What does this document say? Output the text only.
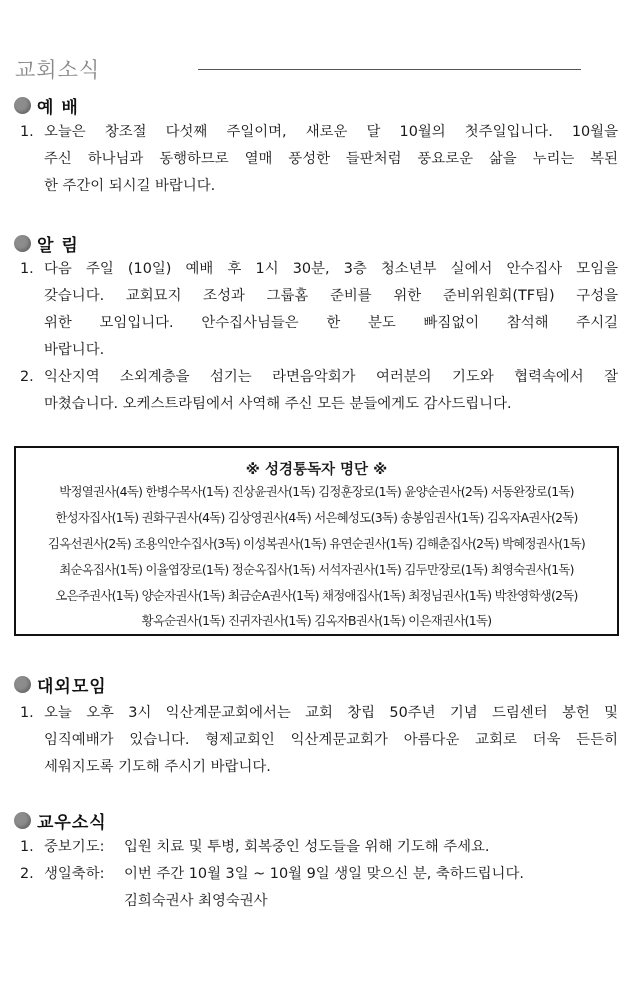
교회소식
예 배
1. 오늘은 창조절 다섯째 주일이며, 새로운 달 10월의 첫주일입니다. 10월을
주신 하나님과 동행하므로 열매 풍성한 들판처럼 풍요로운 삶을 누리는 복된
한 주간이 되시길 바랍니다.
알 림
1. 다음 주일 (10일) 예배 후 1시 30분, 3층 청소년부 실에서 안수집사 모임을
갖습니다. 교회묘지 조성과 그룹홈 준비를 위한 준비위원회(TF팀) 구성을
위한 모임입니다. 안수집사님들은 한 분도 빠짐없이 참석해 주시길
바랍니다.
2. 익산지역 소외계층을 섬기는 라면음악회가 여러분의 기도와 협력속에서 잘
마쳤습니다. 오케스트라팀에서 사역해 주신 모든 분들에게도 감사드립니다.
※ 성경통독자 명단 ※
박정열권사(4독) 한병수목사(1독) 진상윤권사(1독) 김정훈장로(1독) 윤양순권사(2독) 서동완장로(1독)
한성자집사(1독) 권화구권사(4독) 김상영권사(4독) 서은혜성도(3독) 송봉임권사(1독) 김옥자A권사(2독)
김옥선권사(2독) 조용익안수집사(3독) 이성복권사(1독) 유연순권사(1독) 김해춘집사(2독) 박혜정권사(1독)
최순옥집사(1독) 이율엽장로(1독) 정순옥집사(1독) 서석자권사(1독) 김두만장로(1독) 최영숙권사(1독)
오은주권사(1독) 양순자권사(1독) 최금순A권사(1독) 채정애집사(1독) 최정님권사(1독) 박찬영학생(2독)
황옥순권사(1독) 진귀자권사(1독) 김옥자B권사(1독) 이은재권사(1독)
대외모임
1. 오늘 오후 3시 익산계문교회에서는 교회 창립 50주년 기념 드림센터 봉헌 및
임직예배가 있습니다. 형제교회인 익산계문교회가 아름다운 교회로 더욱 든든히
세워지도록 기도해 주시기 바랍니다.
교우소식
1. 중보기도:	입원 치료 및 투병, 회복중인 성도들을 위해 기도해 주세요.
2. 생일축하:	이번 주간 10월 3일 ~ 10월 9일 생일 맞으신 분, 축하드립니다.
김희숙권사 최영숙권사
